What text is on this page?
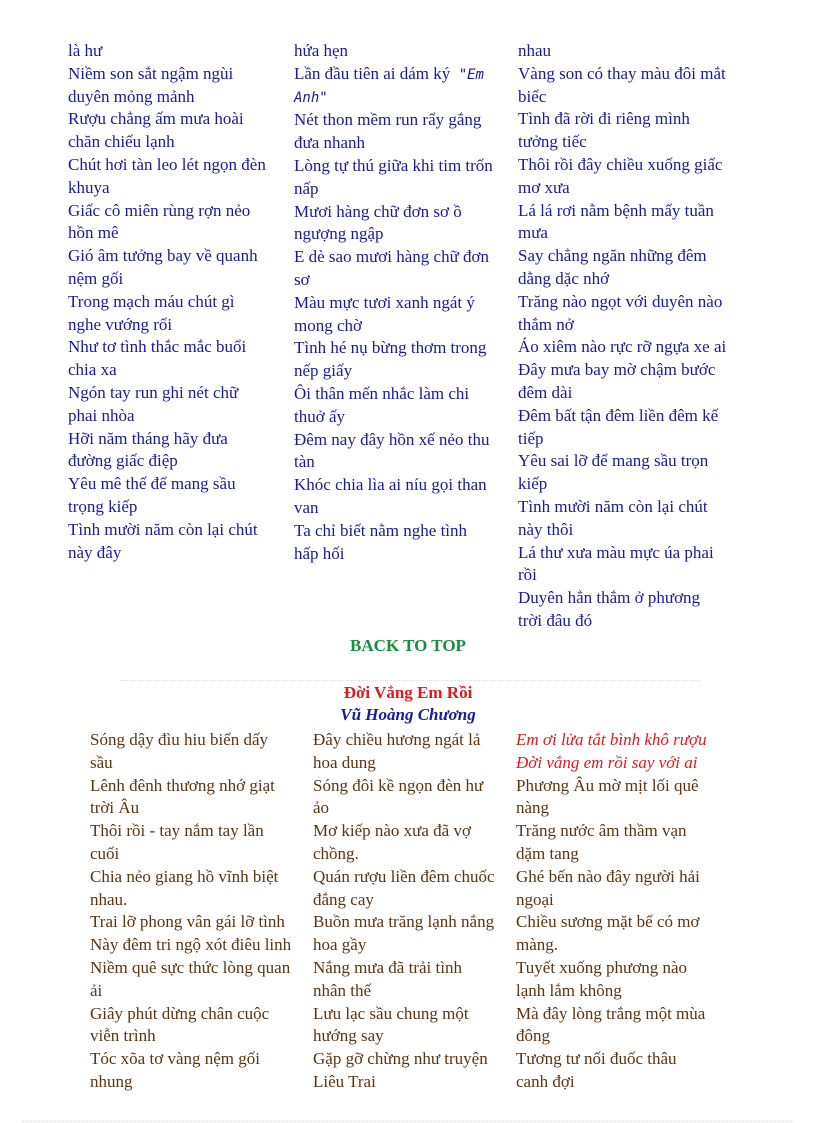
là hư
Niềm son sắt ngậm ngùi
duyên mỏng mảnh
Rượu chẳng ấm mưa hoài
chăn chiếu lạnh
Chút hơi tàn leo lét ngọn đèn
khuya
Giấc cô miên rùng rợn nẻo
hồn mê
Gió âm tưởng bay về quanh
nệm gối
Trong mạch máu chút gì
nghe vướng rối
Như tơ tình thắc mắc buổi
chia xa
Ngón tay run ghi nét chữ
phai nhòa
Hỡi năm tháng hãy đưa
đường giấc điệp
Yêu mê thế để mang sầu
trọng kiếp
Tình mười năm còn lại chút
này đây
hứa hẹn
Lần đầu tiên ai dám ký "Em
Anh"
Nét thon mềm run rẩy gắng
đưa nhanh
Lòng tự thú giữa khi tim trốn
nấp
Mươi hàng chữ đơn sơ ồ
ngượng ngập
E dè sao mươi hàng chữ đơn
sơ
Màu mực tươi xanh ngát ý
mong chờ
Tình hé nụ bừng thơm trong
nếp giấy
Ôi thân mến nhắc làm chi
thuở ấy
Đêm nay đây hồn xế nẻo thu
tàn
Khóc chia lìa ai níu gọi than
van
Ta chỉ biết nằm nghe tình
hấp hối
nhau
Vàng son có thay màu đôi mắt
biếc
Tình đã rời đi riêng mình
tưởng tiếc
Thôi rồi đây chiều xuống giấc
mơ xưa
Lá lá rơi nằm bệnh mấy tuần
mưa
Say chẳng ngăn những đêm
dằng dặc nhớ
Trăng nào ngọt với duyên nào
thắm nở
Áo xiêm nào rực rỡ ngựa xe ai
Đây mưa bay mờ chậm bước
đêm dài
Đêm bất tận đêm liền đêm kế
tiếp
Yêu sai lỡ để mang sầu trọn
kiếp
Tình mười năm còn lại chút
này thôi
Lá thư xưa màu mực úa phai
rồi
Duyên hẳn thắm ở phương
trời đâu đó
BACK TO TOP
Đời Vắng Em Rồi
Vũ Hoàng Chương
Sóng dậy đìu hiu biển dấy
sầu
Lênh đênh thương nhớ giạt
trời Âu
Thôi rồi - tay nắm tay lần
cuối
Chia nẻo giang hồ vĩnh biệt
nhau.
Trai lỡ phong vân gái lỡ tình
Này đêm tri ngộ xót điêu linh
Niềm quê sực thức lòng quan
ải
Giây phút dừng chân cuộc
viễn trình
Tóc xõa tơ vàng nệm gối
nhung
Đây chiều hương ngát lả
hoa dung
Sóng đôi kề ngọn đèn hư
ảo
Mơ kiếp nào xưa đã vợ
chồng.
Quán rượu liền đêm chuốc
đắng cay
Buồn mưa trăng lạnh nắng
hoa gầy
Nắng mưa đã trải tình
nhân thế
Lưu lạc sầu chung một
hướng say
Gặp gỡ chừng như truyện
Liêu Trai
Em ơi lửa tắt bình khô rượu
Đời vắng em rồi say với ai
Phương Âu mờ mịt lối quê
nàng
Trăng nước âm thầm vạn
dặm tang
Ghé bến nào đây người hải
ngoại
Chiều sương mặt bể có mơ
màng.
Tuyết xuống phương nào
lạnh lắm không
Mà đây lòng trắng một mùa
đông
Tương tư nối đuốc thâu
canh đợi
